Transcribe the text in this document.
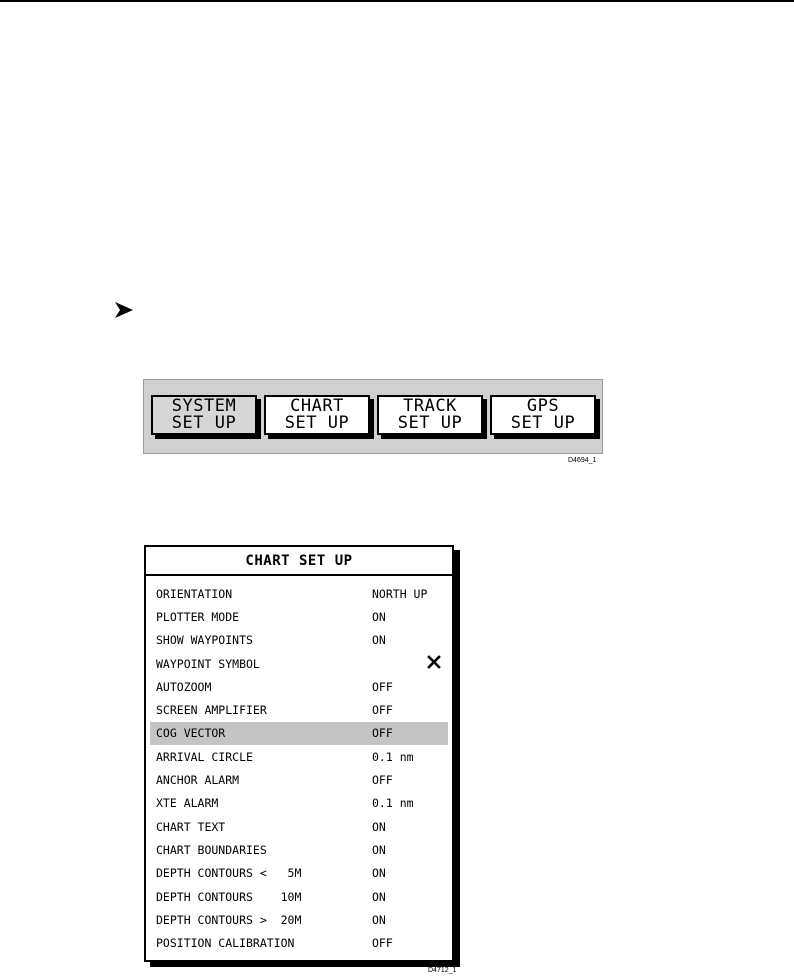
SYSTEM
SET UP
CHART
SET UP
TRACK
SET UP
GPS
SET UP
D4694_1
CHART SET UP
ORIENTATION	NORTH UP
PLOTTER MODE	ON
SHOW WAYPOINTS	ON
WAYPOINT SYMBOL

AUTOZOOM	OFF
SCREEN AMPLIFIER	OFF
COG VECTOR	OFF
ARRIVAL CIRCLE	0.1 nm
ANCHOR ALARM	OFF
XTE ALARM	0.1 nm
CHART TEXT	ON
CHART BOUNDARIES	ON
DEPTH CONTOURS <   5M	ON
DEPTH CONTOURS    10M	ON
DEPTH CONTOURS >  20M	ON
POSITION CALIBRATION	OFF
D4712_1
